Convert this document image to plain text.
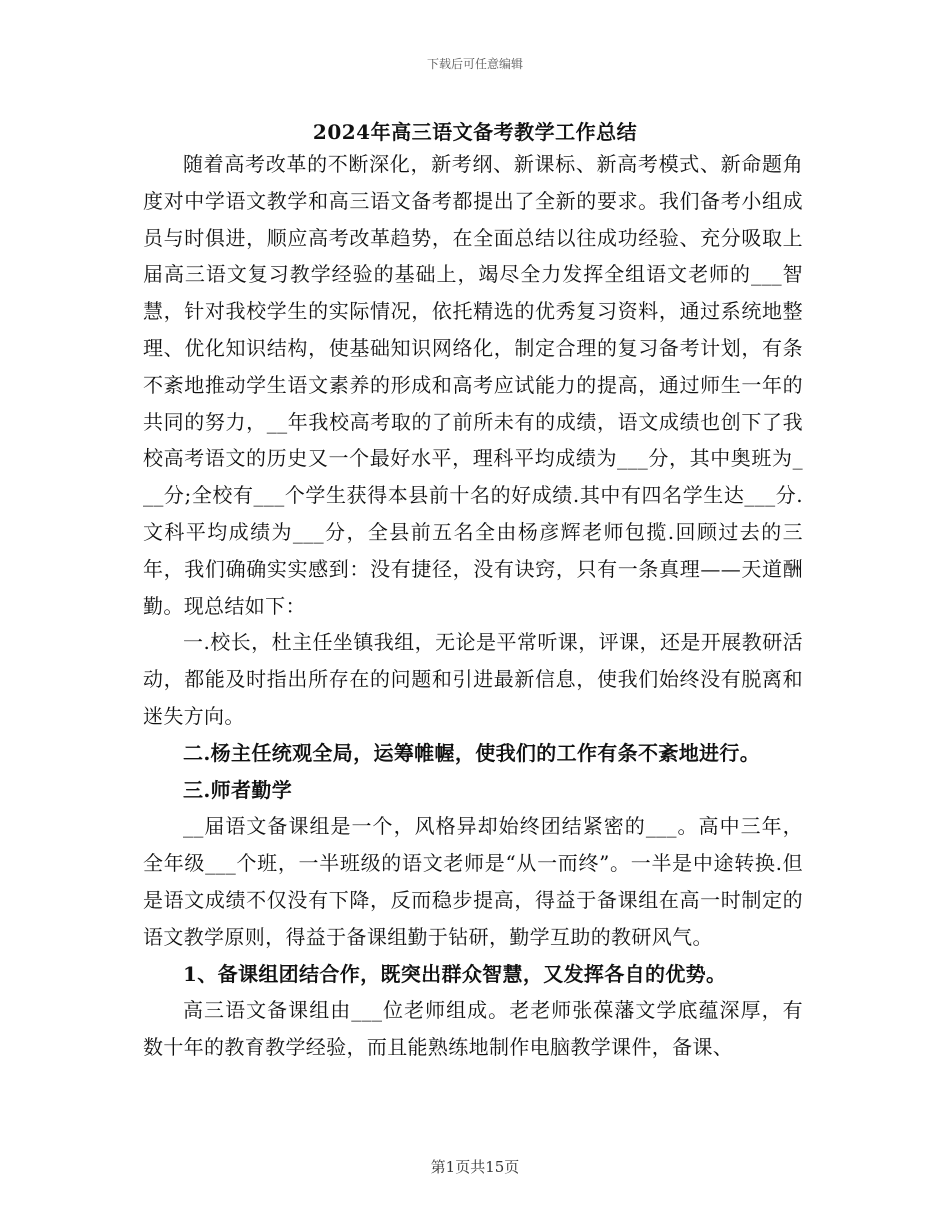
下载后可任意编辑
2024年高三语文备考教学工作总结

随着高考改革的不断深化，新考纲、新课标、新高考模式、新命题角度对中学语文教学和高三语文备考都提出了全新的要求。我们备考小组成员与时俱进，顺应高考改革趋势，在全面总结以往成功经验、充分吸取上届高三语文复习教学经验的基础上，竭尽全力发挥全组语文老师的___智慧，针对我校学生的实际情况，依托精选的优秀复习资料，通过系统地整理、优化知识结构，使基础知识网络化，制定合理的复习备考计划，有条不紊地推动学生语文素养的形成和高考应试能力的提高，通过师生一年的共同的努力，__年我校高考取的了前所未有的成绩，语文成绩也创下了我校高考语文的历史又一个最好水平，理科平均成绩为___分，其中奥班为___分;全校有___个学生获得本县前十名的好成绩.其中有四名学生达___分.文科平均成绩为___分，全县前五名全由杨彦辉老师包揽.回顾过去的三年，我们确确实实感到：没有捷径，没有诀窍，只有一条真理——天道酬勤。现总结如下：

一.校长，杜主任坐镇我组，无论是平常听课，评课，还是开展教研活动，都能及时指出所存在的问题和引进最新信息，使我们始终没有脱离和迷失方向。

二.杨主任统观全局，运筹帷幄，使我们的工作有条不紊地进行。

三.师者勤学

__届语文备课组是一个，风格异却始终团结紧密的___。高中三年，全年级___个班，一半班级的语文老师是“从一而终”。一半是中途转换.但是语文成绩不仅没有下降，反而稳步提高，得益于备课组在高一时制定的语文教学原则，得益于备课组勤于钻研，勤学互助的教研风气。

1、备课组团结合作，既突出群众智慧，又发挥各自的优势。

高三语文备课组由___位老师组成。老老师张葆藩文学底蕴深厚，有数十年的教育教学经验，而且能熟练地制作电脑教学课件，备课、

第1页共15页
